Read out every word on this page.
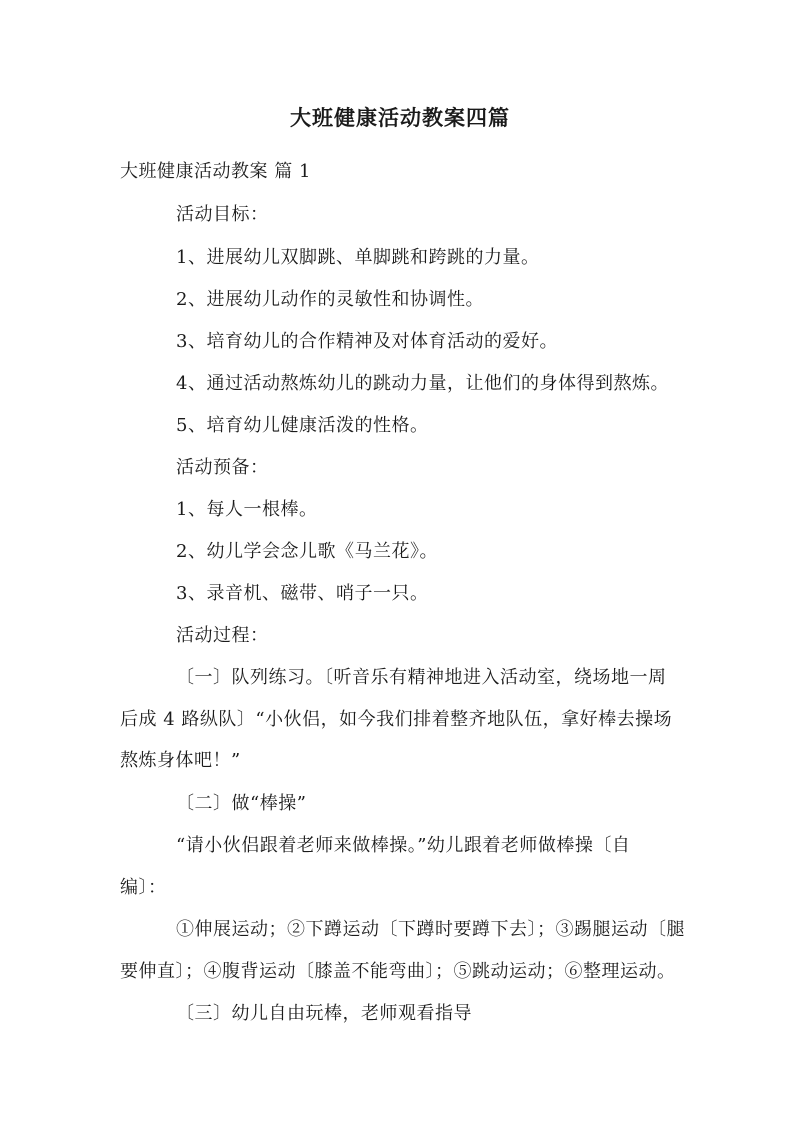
大班健康活动教案四篇
大班健康活动教案 篇 1
活动目标：
1、进展幼儿双脚跳、单脚跳和跨跳的力量。
2、进展幼儿动作的灵敏性和协调性。
3、培育幼儿的合作精神及对体育活动的爱好。
4、通过活动熬炼幼儿的跳动力量，让他们的身体得到熬炼。
5、培育幼儿健康活泼的性格。
活动预备：
1、每人一根棒。
2、幼儿学会念儿歌《马兰花》。
3、录音机、磁带、哨子一只。
活动过程：
〔一〕队列练习。〔听音乐有精神地进入活动室，绕场地一周
后成 4 路纵队〕“小伙侣，如今我们排着整齐地队伍，拿好棒去操场
熬炼身体吧！”
〔二〕做“棒操”
“请小伙侣跟着老师来做棒操。”幼儿跟着老师做棒操〔自
编〕：
①伸展运动；②下蹲运动〔下蹲时要蹲下去〕；③踢腿运动〔腿
要伸直〕；④腹背运动〔膝盖不能弯曲〕；⑤跳动运动；⑥整理运动。
〔三〕幼儿自由玩棒，老师观看指导
